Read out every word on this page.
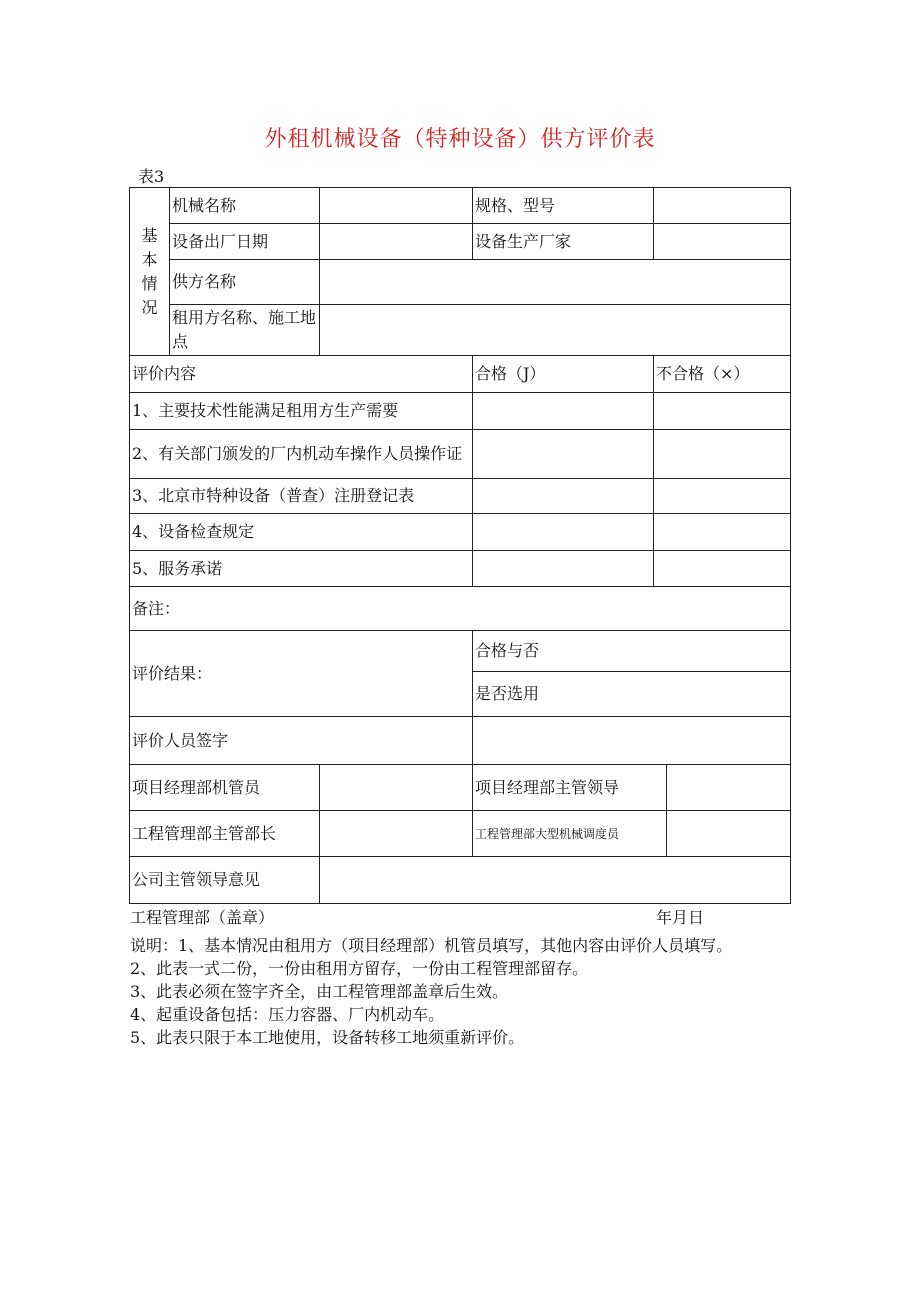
外租机械设备（特种设备）供方评价表
表3
基本情况	机械名称		规格、型号		
	设备出厂日期		设备生产厂家		
	供方名称				
	租用方名称、施工地点				
评价内容			合格（J）	不合格（×）	
1、主要技术性能满足租用方生产需要					
2、有关部门颁发的厂内机动车操作人员操作证					
3、北京市特种设备（普查）注册登记表					
4、设备检查规定					
5、服务承诺					
备注：					
评价结果：			合格与否		
			是否选用		
评价人员签字					
项目经理部机管员			项目经理部主管领导		
工程管理部主管部长			工程管理部大型机械调度员		
公司主管领导意见					
工程管理部（盖章）	年月日
说明：1、基本情况由租用方（项目经理部）机管员填写，其他内容由评价人员填写。
2、此表一式二份，一份由租用方留存，一份由工程管理部留存。
3、此表必须在签字齐全，由工程管理部盖章后生效。
4、起重设备包括：压力容器、厂内机动车。
5、此表只限于本工地使用，设备转移工地须重新评价。
